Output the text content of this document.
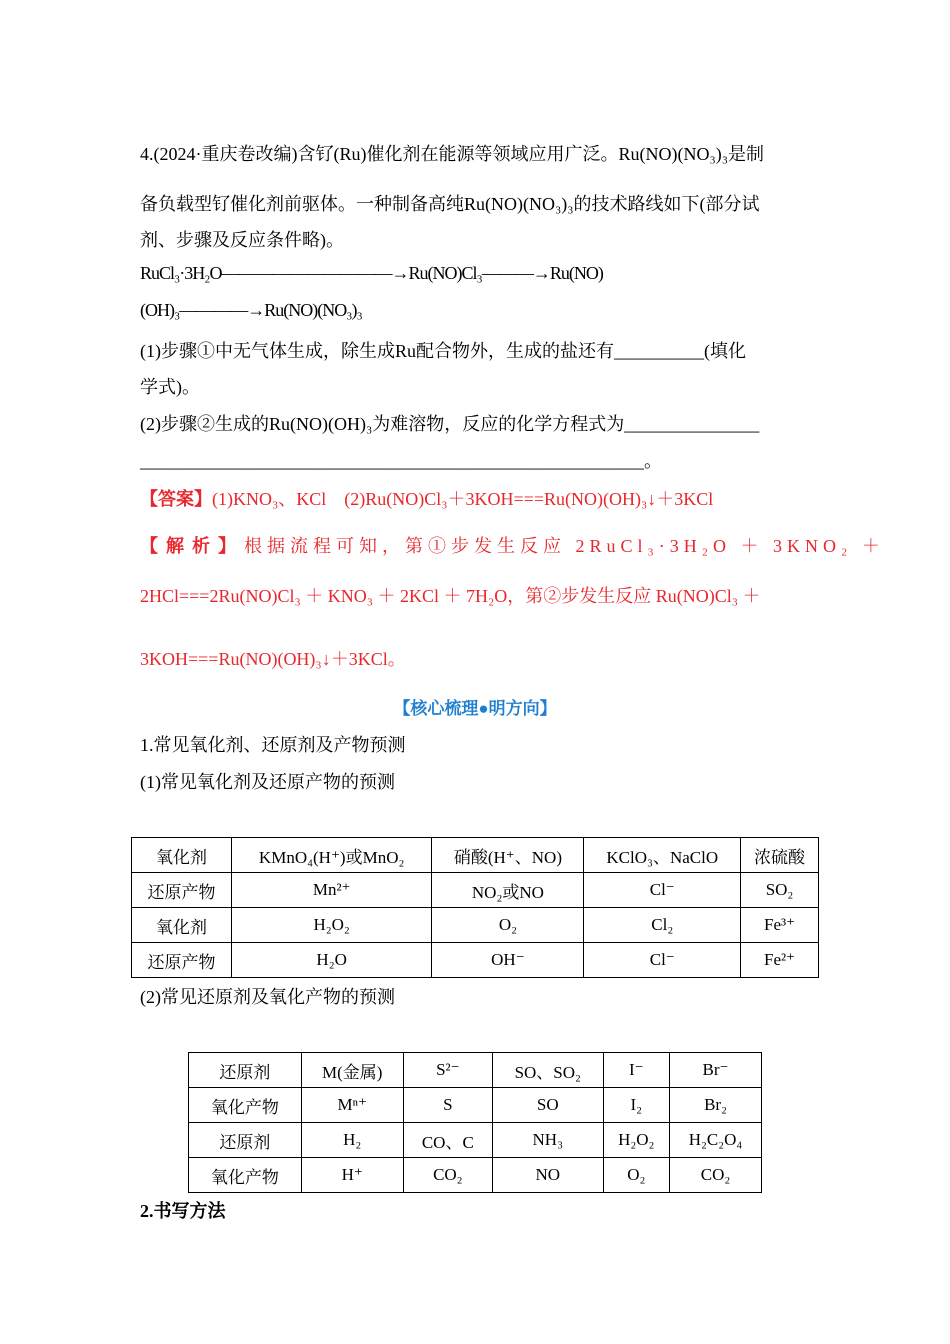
4.(2024·重庆卷改编)含钌(Ru)催化剂在能源等领域应用广泛。Ru(NO)(NO₃)₃是制
备负载型钌催化剂前驱体。一种制备高纯Ru(NO)(NO₃)₃的技术路线如下(部分试
剂、步骤及反应条件略)。
RuCl₃·3H₂O——————————→Ru(NO)Cl₃———→Ru(NO)
(OH)₃————→Ru(NO)(NO₃)₃
(1)步骤①中无气体生成，除生成Ru配合物外，生成的盐还有__________(填化
学式)。
(2)步骤②生成的Ru(NO)(OH)₃为难溶物，反应的化学方程式为_______________
________________________________________________________。
【答案】(1)KNO₃、KCl　(2)Ru(NO)Cl₃＋3KOH===Ru(NO)(OH)₃↓＋3KCl
【解析】根据流程可知，第①步发生反应 2RuCl₃·3H₂O ＋ 3KNO₂ ＋
2HCl===2Ru(NO)Cl₃ ＋ KNO₃ ＋ 2KCl ＋ 7H₂O，第②步发生反应 Ru(NO)Cl₃ ＋
3KOH===Ru(NO)(OH)₃↓＋3KCl。
【核心梳理●明方向】
1.常见氧化剂、还原剂及产物预测
(1)常见氧化剂及还原产物的预测
氧化剂	KMnO₄(H⁺)或MnO₂	硝酸(H⁺、NO)	KClO₃、NaClO	浓硫酸
还原产物	Mn²⁺	NO₂或NO	Cl⁻	SO₂
氧化剂	H₂O₂	O₂	Cl₂	Fe³⁺
还原产物	H₂O	OH⁻	Cl⁻	Fe²⁺
(2)常见还原剂及氧化产物的预测
还原剂	M(金属)	S²⁻	SO、SO₂	I⁻	Br⁻
氧化产物	Mⁿ⁺	S	SO	I₂	Br₂
还原剂	H₂	CO、C	NH₃	H₂O₂	H₂C₂O₄
氧化产物	H⁺	CO₂	NO	O₂	CO₂
2.书写方法
